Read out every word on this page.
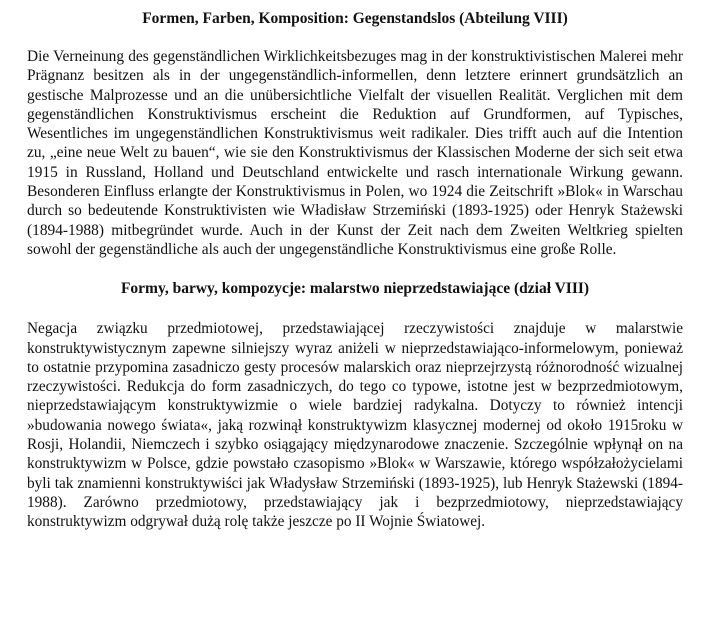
Formen, Farben, Komposition: Gegenstandslos (Abteilung VIII)

Die Verneinung des gegenständlichen Wirklichkeitsbezuges mag in der konstruktivistischen Malerei mehr Prägnanz besitzen als in der ungegenständlich-informellen, denn letztere erinnert grundsätzlich an gestische Malprozesse und an die unübersichtliche Vielfalt der visuellen Realität. Verglichen mit dem gegenständlichen Konstruktivismus erscheint die Reduktion auf Grundformen, auf Typisches, Wesentliches im ungegenständlichen Konstruktivismus weit radikaler. Dies trifft auch auf die Intention zu, „eine neue Welt zu bauen“, wie sie den Konstruktivismus der Klassischen Moderne der sich seit etwa 1915 in Russland, Holland und Deutschland entwickelte und rasch internationale Wirkung gewann. Besonderen Einfluss erlangte der Konstruktivismus in Polen, wo 1924 die Zeitschrift »Blok« in Warschau durch so bedeutende Konstruktivisten wie Władisław Strzemiński (1893-1925) oder Henryk Stażewski (1894-1988) mitbegründet wurde. Auch in der Kunst der Zeit nach dem Zweiten Weltkrieg spielten sowohl der gegenständliche als auch der ungegenständliche Konstruktivismus eine große Rolle.

Formy, barwy, kompozycje: malarstwo nieprzedstawiające (dział VIII)

Negacja związku przedmiotowej, przedstawiającej rzeczywistości znajduje w malarstwie konstruktywistycznym zapewne silniejszy wyraz aniżeli w nieprzedstawiająco-informelowym, ponieważ to ostatnie przypomina zasadniczo gesty procesów malarskich oraz nieprzejrzystą różnorodność wizualnej rzeczywistości. Redukcja do form zasadniczych, do tego co typowe, istotne jest w bezprzedmiotowym, nieprzedstawiającym konstruktywizmie o wiele bardziej radykalna. Dotyczy to również intencji »budowania nowego świata«, jaką rozwinął konstruktywizm klasycznej modernej od około 1915roku w Rosji, Holandii, Niemczech i szybko osiągający międzynarodowe znaczenie. Szczególnie wpłynął on na konstruktywizm w Polsce, gdzie powstało czasopismo »Blok« w Warszawie, którego współzałożycielami byli tak znamienni konstruktywiści jak Władysław Strzemiński (1893-1925), lub Henryk Stażewski (1894- 1988). Zarówno przedmiotowy, przedstawiający jak i bezprzedmiotowy, nieprzedstawiający konstruktywizm odgrywał dużą rolę także jeszcze po II Wojnie Światowej.
